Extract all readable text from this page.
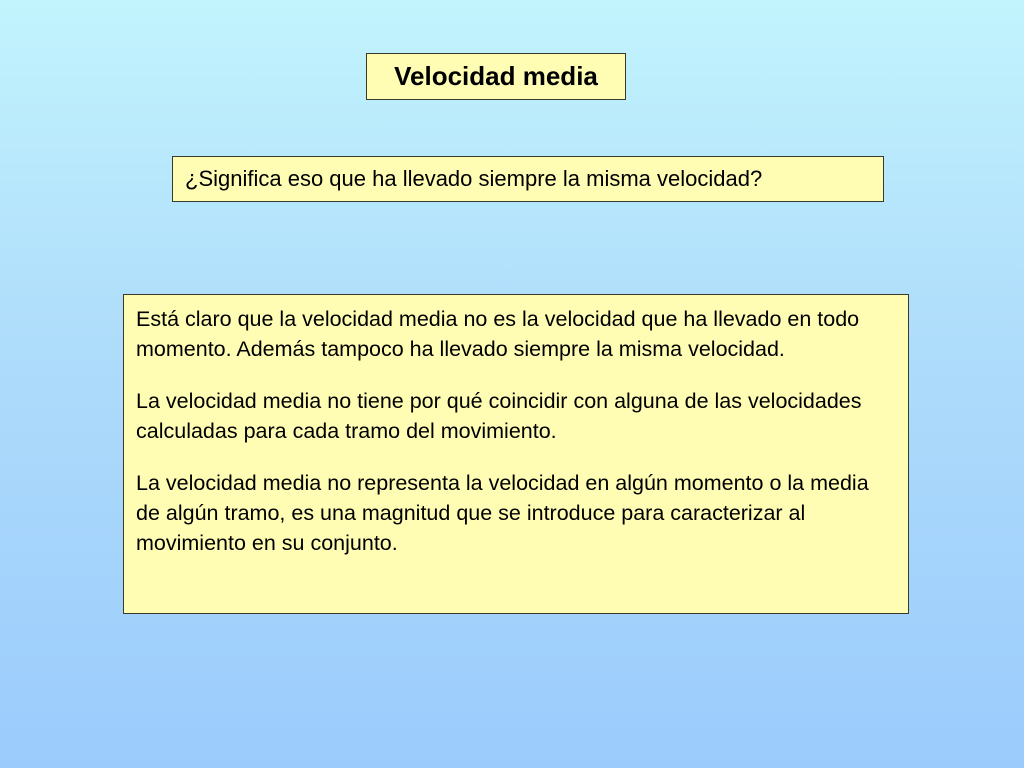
Velocidad media
¿Significa eso que ha llevado siempre la misma velocidad?

Está claro que la velocidad media no es la velocidad que ha llevado en todo momento. Además tampoco ha llevado siempre la misma velocidad.

La velocidad media no tiene por qué coincidir con alguna de las velocidades calculadas para cada tramo del movimiento.

La velocidad media no representa la velocidad en algún momento o la media de algún tramo, es una magnitud que se introduce para caracterizar al movimiento en su conjunto.
